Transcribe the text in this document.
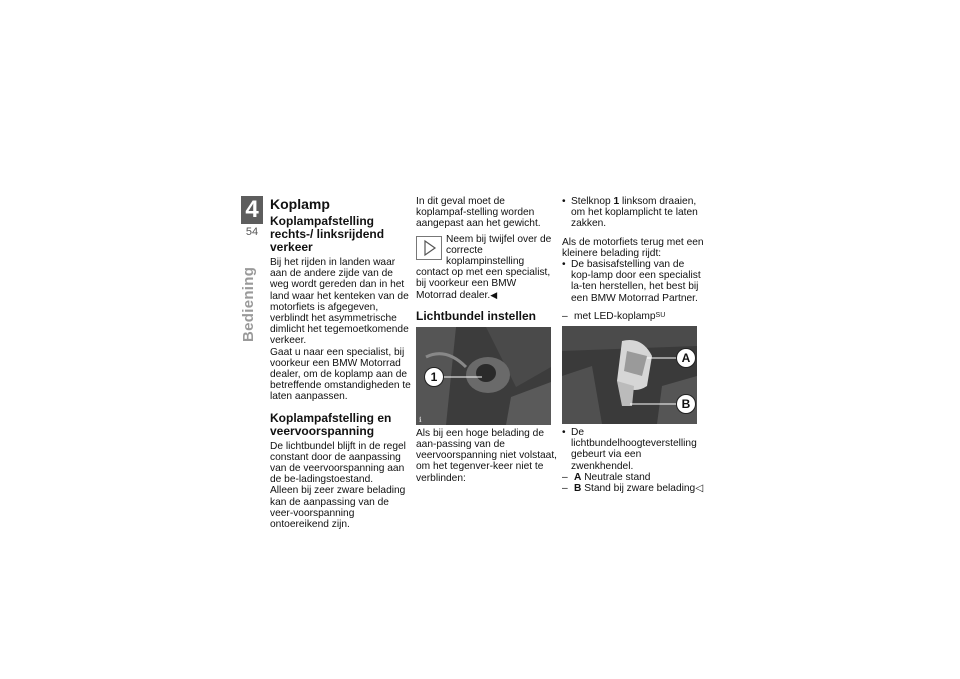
4
54
Bediening
Koplamp
Koplampafstelling rechts-/ linksrijdend verkeer

Bij het rijden in landen waar aan de andere zijde van de weg wordt gereden dan in het land waar het kenteken van de motorfiets is afgegeven, verblindt het asymmetrische dimlicht het tegemoetkomende verkeer.

Gaat u naar een specialist, bij voorkeur een BMW Motorrad dealer, om de koplamp aan de betreffende omstandigheden te laten aanpassen.

Koplampafstelling en veervoorspanning

De lichtbundel blijft in de regel constant door de aanpassing van de veervoorspanning aan de be-ladingstoestand.

Alleen bij zeer zware belading kan de aanpassing van de veer-voorspanning ontoereikend zijn.

In dit geval moet de koplampaf-stelling worden aangepast aan het gewicht.

Neem bij twijfel over de correcte koplampinstelling contact op met een specialist, bij voorkeur een BMW Motorrad dealer.◀
Lichtbundel instellen
ℹ
1

Als bij een hoge belading de aan-passing van de veervoorspanning niet volstaat, om het tegenver-keer niet te verblinden:

• Stelknop 1 linksom draaien, om het koplamplicht te laten zakken.

Als de motorfiets terug met een kleinere belading rijdt:

• De basisafstelling van de kop-lamp door een specialist la-ten herstellen, het best bij een BMW Motorrad Partner.
– met LED-koplamp$^{SU}$
A
B
• De lichtbundelhoogteverstelling gebeurt via een zwenkhendel.
– A Neutrale stand
– B Stand bij zware belading◁
